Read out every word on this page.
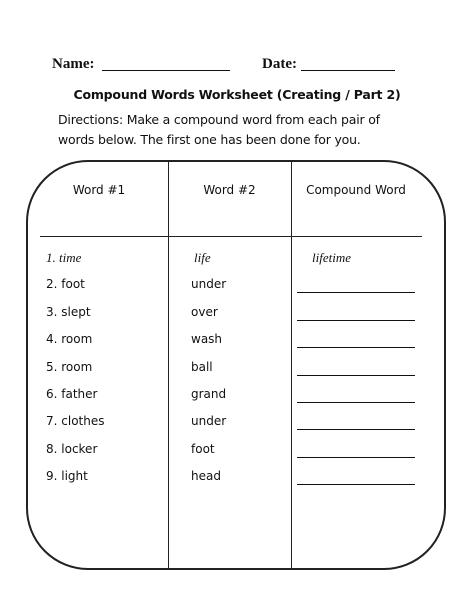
Name:	Date:
Compound Words Worksheet (Creating / Part 2)
Directions: Make a compound word from each pair of words below. The first one has been done for you.
Word #1	Word #2	Compound Word
1. time	life	lifetime
2. foot	under
3. slept	over
4. room	wash
5. room	ball
6. father	grand
7. clothes	under
8. locker	foot
9. light	head
